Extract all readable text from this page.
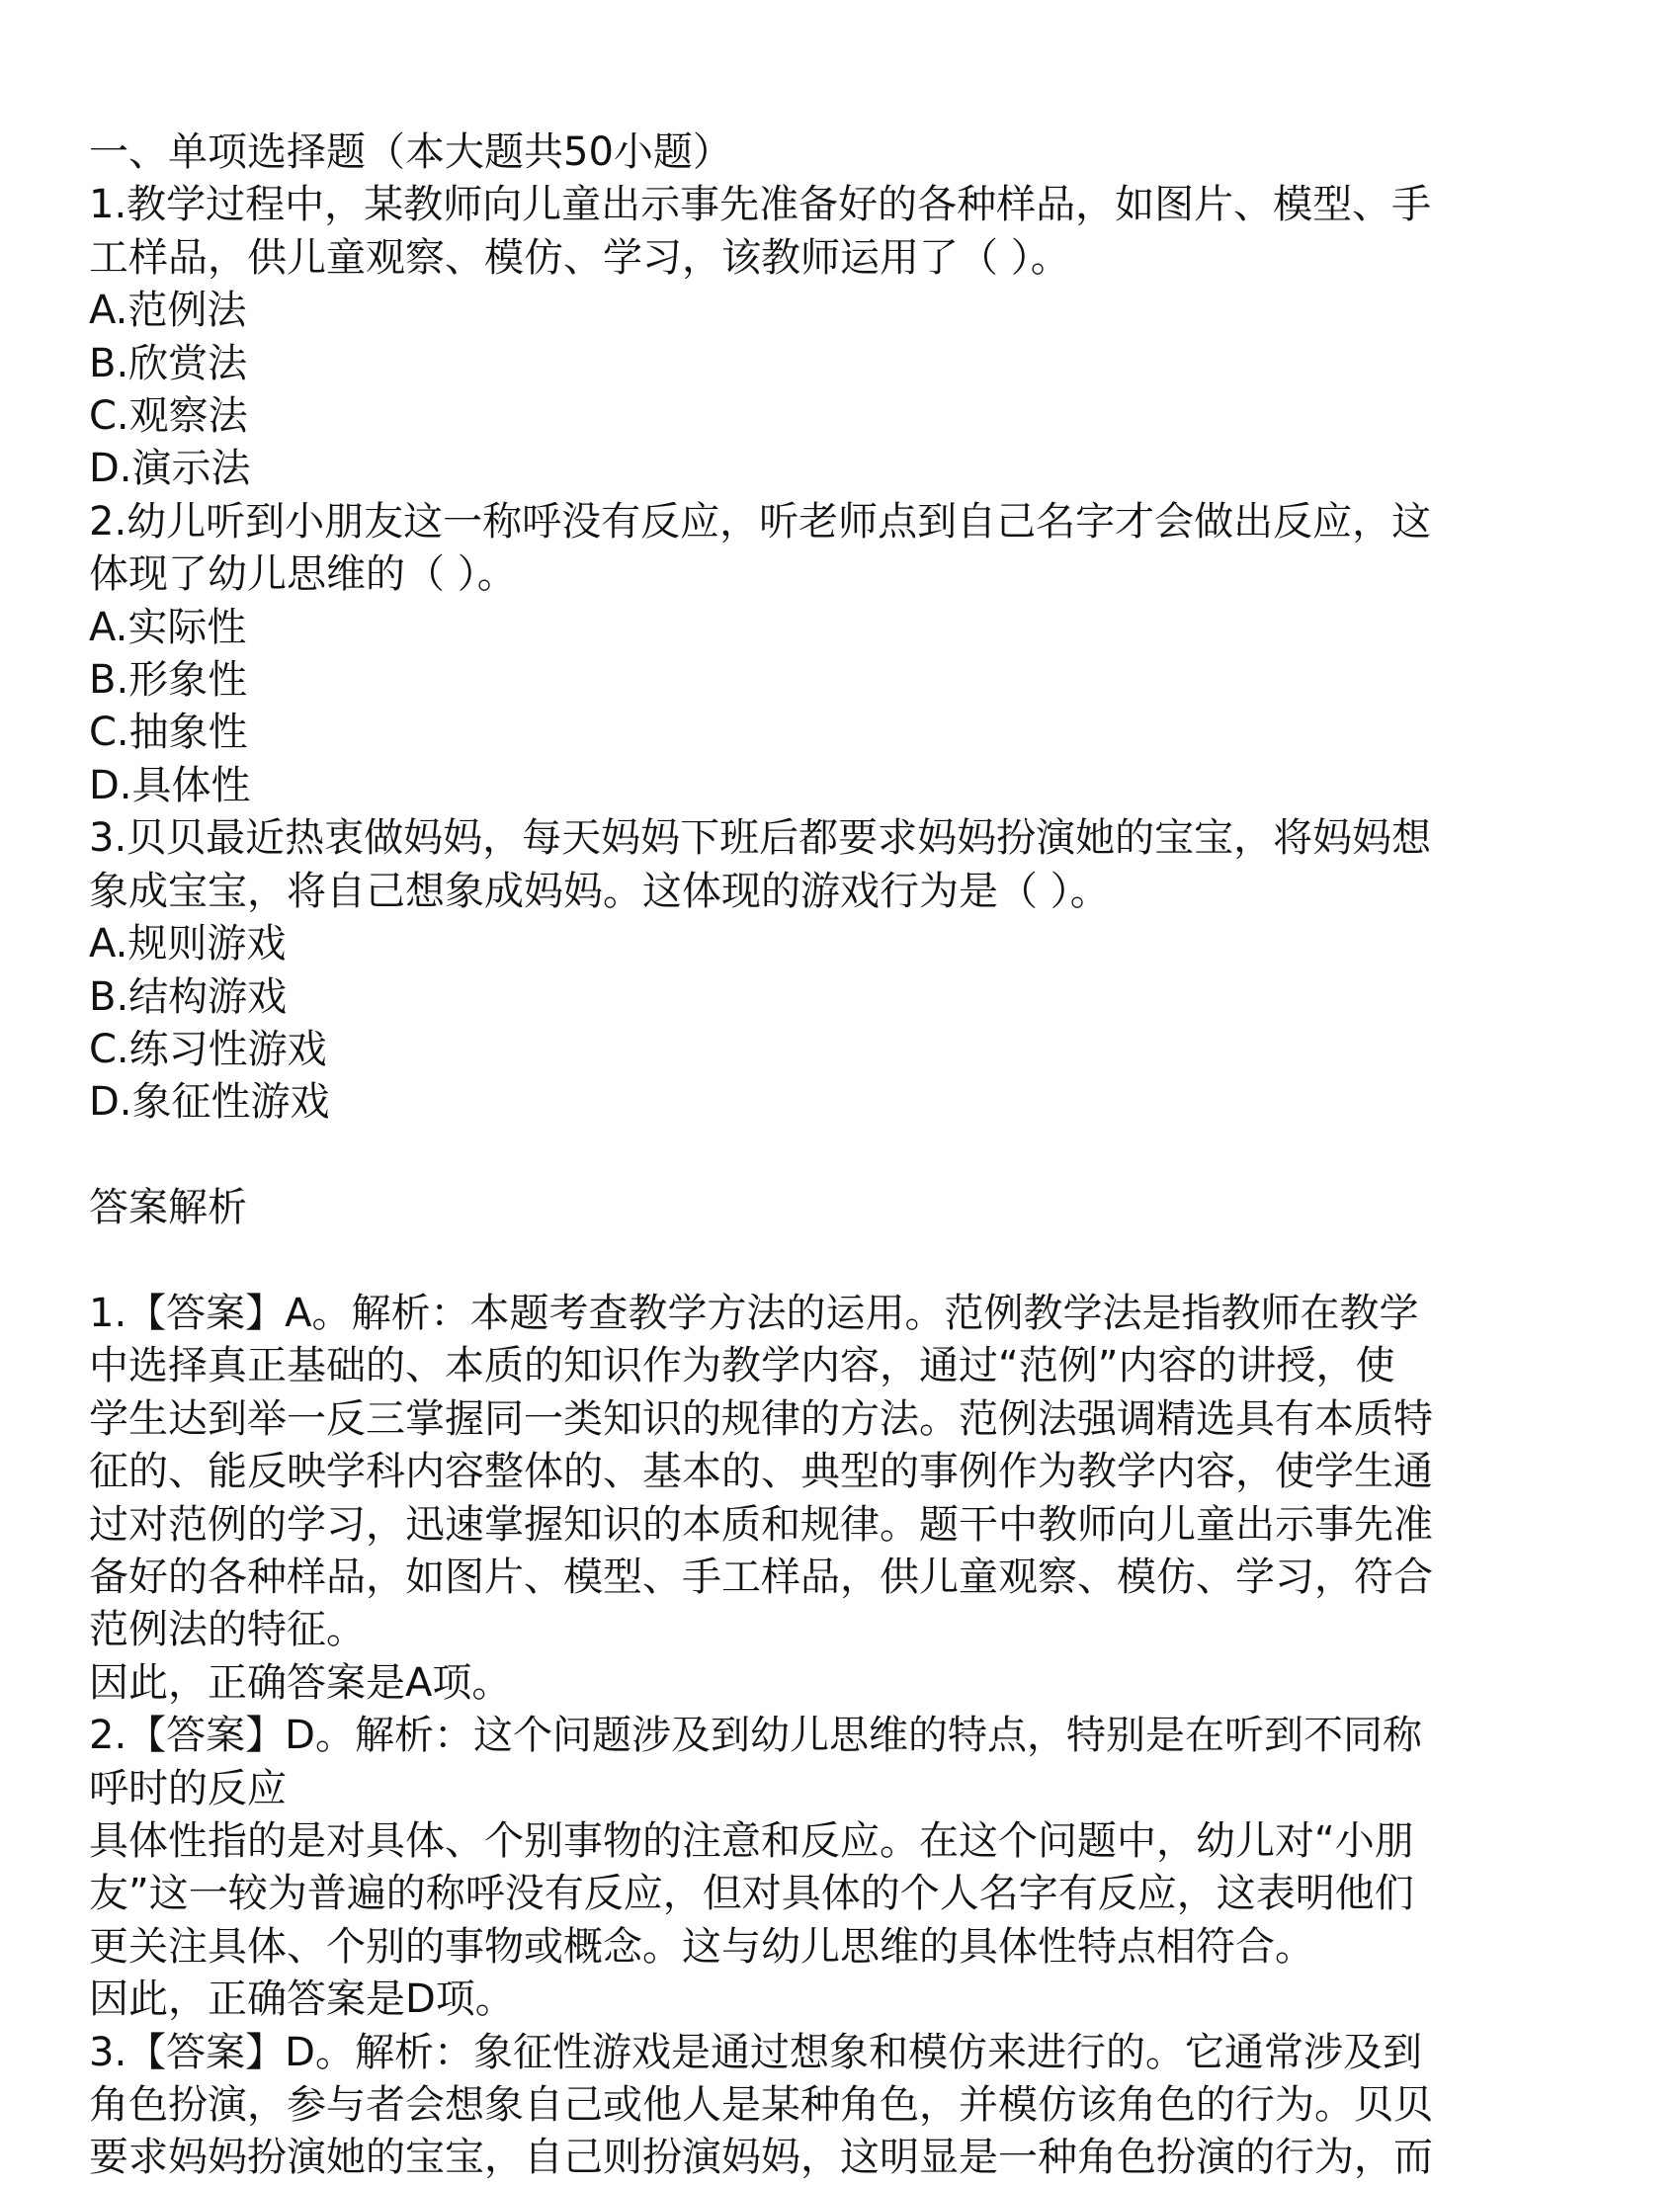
一、单项选择题（本大题共50小题）
1.教学过程中，某教师向儿童出示事先准备好的各种样品，如图片、模型、手
工样品，供儿童观察、模仿、学习，该教师运用了（ ）。
A.范例法
B.欣赏法
C.观察法
D.演示法
2.幼儿听到小朋友这一称呼没有反应，听老师点到自己名字才会做出反应，这
体现了幼儿思维的（ ）。
A.实际性
B.形象性
C.抽象性
D.具体性
3.贝贝最近热衷做妈妈，每天妈妈下班后都要求妈妈扮演她的宝宝，将妈妈想
象成宝宝，将自己想象成妈妈。这体现的游戏行为是（ ）。
A.规则游戏
B.结构游戏
C.练习性游戏
D.象征性游戏
答案解析
1.【答案】A。解析：本题考查教学方法的运用。范例教学法是指教师在教学
中选择真正基础的、本质的知识作为教学内容，通过“范例”内容的讲授，使
学生达到举一反三掌握同一类知识的规律的方法。范例法强调精选具有本质特
征的、能反映学科内容整体的、基本的、典型的事例作为教学内容，使学生通
过对范例的学习，迅速掌握知识的本质和规律。题干中教师向儿童出示事先准
备好的各种样品，如图片、模型、手工样品，供儿童观察、模仿、学习，符合
范例法的特征。
因此，正确答案是A项。
2.【答案】D。解析：这个问题涉及到幼儿思维的特点，特别是在听到不同称
呼时的反应
具体性指的是对具体、个别事物的注意和反应。在这个问题中，幼儿对“小朋
友”这一较为普遍的称呼没有反应，但对具体的个人名字有反应，这表明他们
更关注具体、个别的事物或概念。这与幼儿思维的具体性特点相符合。
因此，正确答案是D项。
3.【答案】D。解析：象征性游戏是通过想象和模仿来进行的。它通常涉及到
角色扮演，参与者会想象自己或他人是某种角色，并模仿该角色的行为。贝贝
要求妈妈扮演她的宝宝，自己则扮演妈妈，这明显是一种角色扮演的行为，而
